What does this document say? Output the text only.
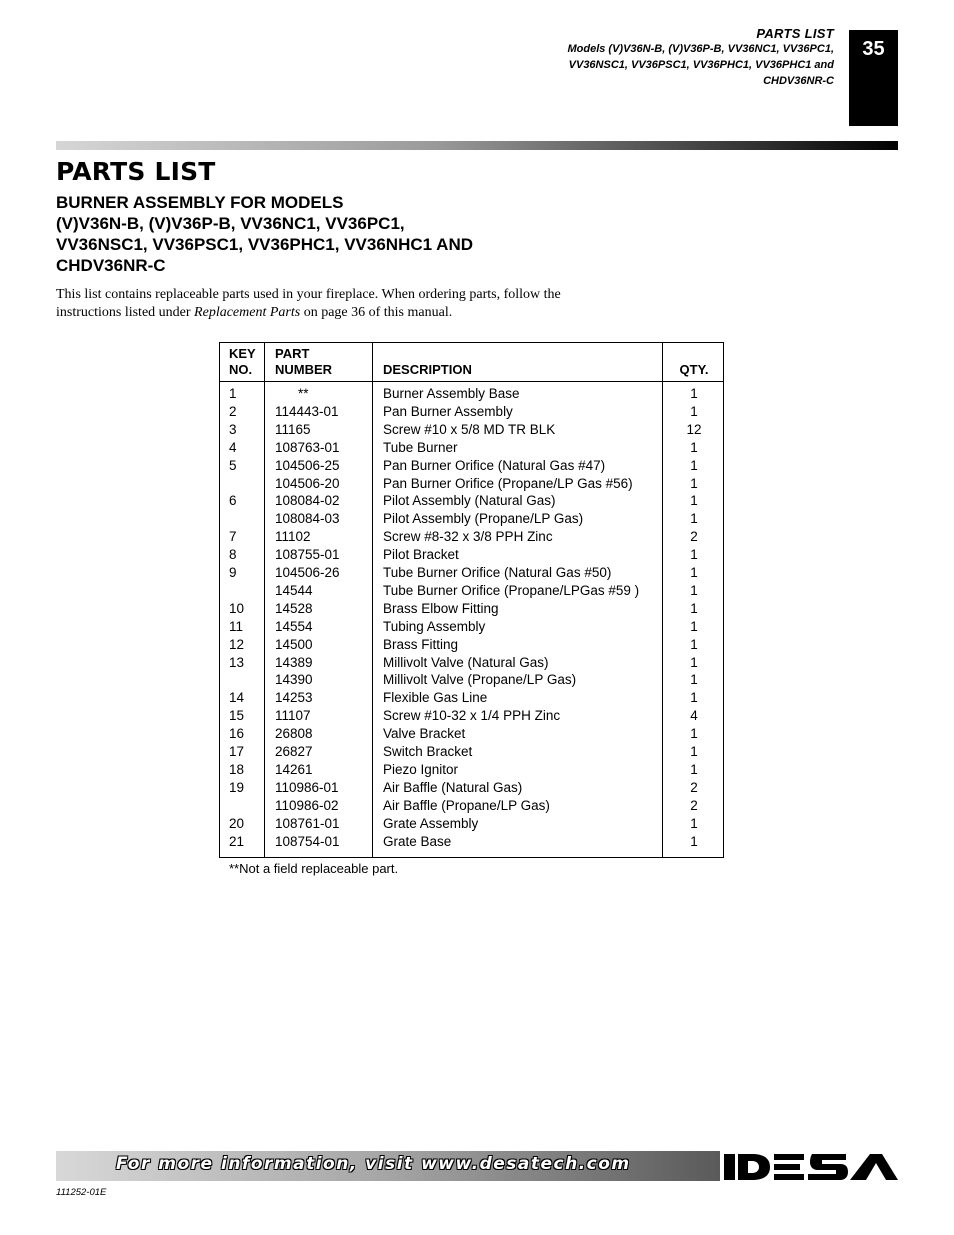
PARTS LIST
Models (V)V36N-B, (V)V36P-B, VV36NC1, VV36PC1,
VV36NSC1, VV36PSC1, VV36PHC1, VV36PHC1 and
CHDV36NR-C
35
PARTS LIST
BURNER ASSEMBLY FOR MODELS
(V)V36N-B, (V)V36P-B, VV36NC1, VV36PC1,
VV36NSC1, VV36PSC1, VV36PHC1, VV36NHC1 AND
CHDV36NR-C
This list contains replaceable parts used in your fireplace. When ordering parts, follow the instructions listed under Replacement Parts on page 36 of this manual.
KEY
NO.
PART
NUMBER	DESCRIPTION	QTY.
1	**	Burner Assembly Base	1
2	114443-01	Pan Burner Assembly	1
3	11165	Screw #10 x 5/8 MD TR BLK	12
4	108763-01	Tube Burner	1
5	104506-25	Pan Burner Orifice (Natural Gas #47)	1
104506-20	Pan Burner Orifice (Propane/LP Gas #56)	1
6	108084-02	Pilot Assembly (Natural Gas)	1
108084-03	Pilot Assembly (Propane/LP Gas)	1
7	11102	Screw #8-32 x 3/8 PPH Zinc	2
8	108755-01	Pilot Bracket	1
9	104506-26	Tube Burner Orifice (Natural Gas #50)	1
14544	Tube Burner Orifice (Propane/LPGas #59 )	1
10 14528	Brass Elbow Fitting	1
11 14554	Tubing Assembly	1
12 14500	Brass Fitting	1
13 14389	Millivolt Valve (Natural Gas)	1
14390	Millivolt Valve (Propane/LP Gas)	1
14 14253	Flexible Gas Line	1
15 11107	Screw #10-32 x 1/4 PPH Zinc	4
16 26808	Valve Bracket	1
17 26827	Switch Bracket	1
18 14261	Piezo Ignitor	1
19 110986-01	Air Baffle (Natural Gas)	2
110986-02	Air Baffle (Propane/LP Gas)	2
20 108761-01	Grate Assembly	1
21 108754-01	Grate Base	1
**Not a field replaceable part.
For more information, visit www.desatech.com
111252-01E
